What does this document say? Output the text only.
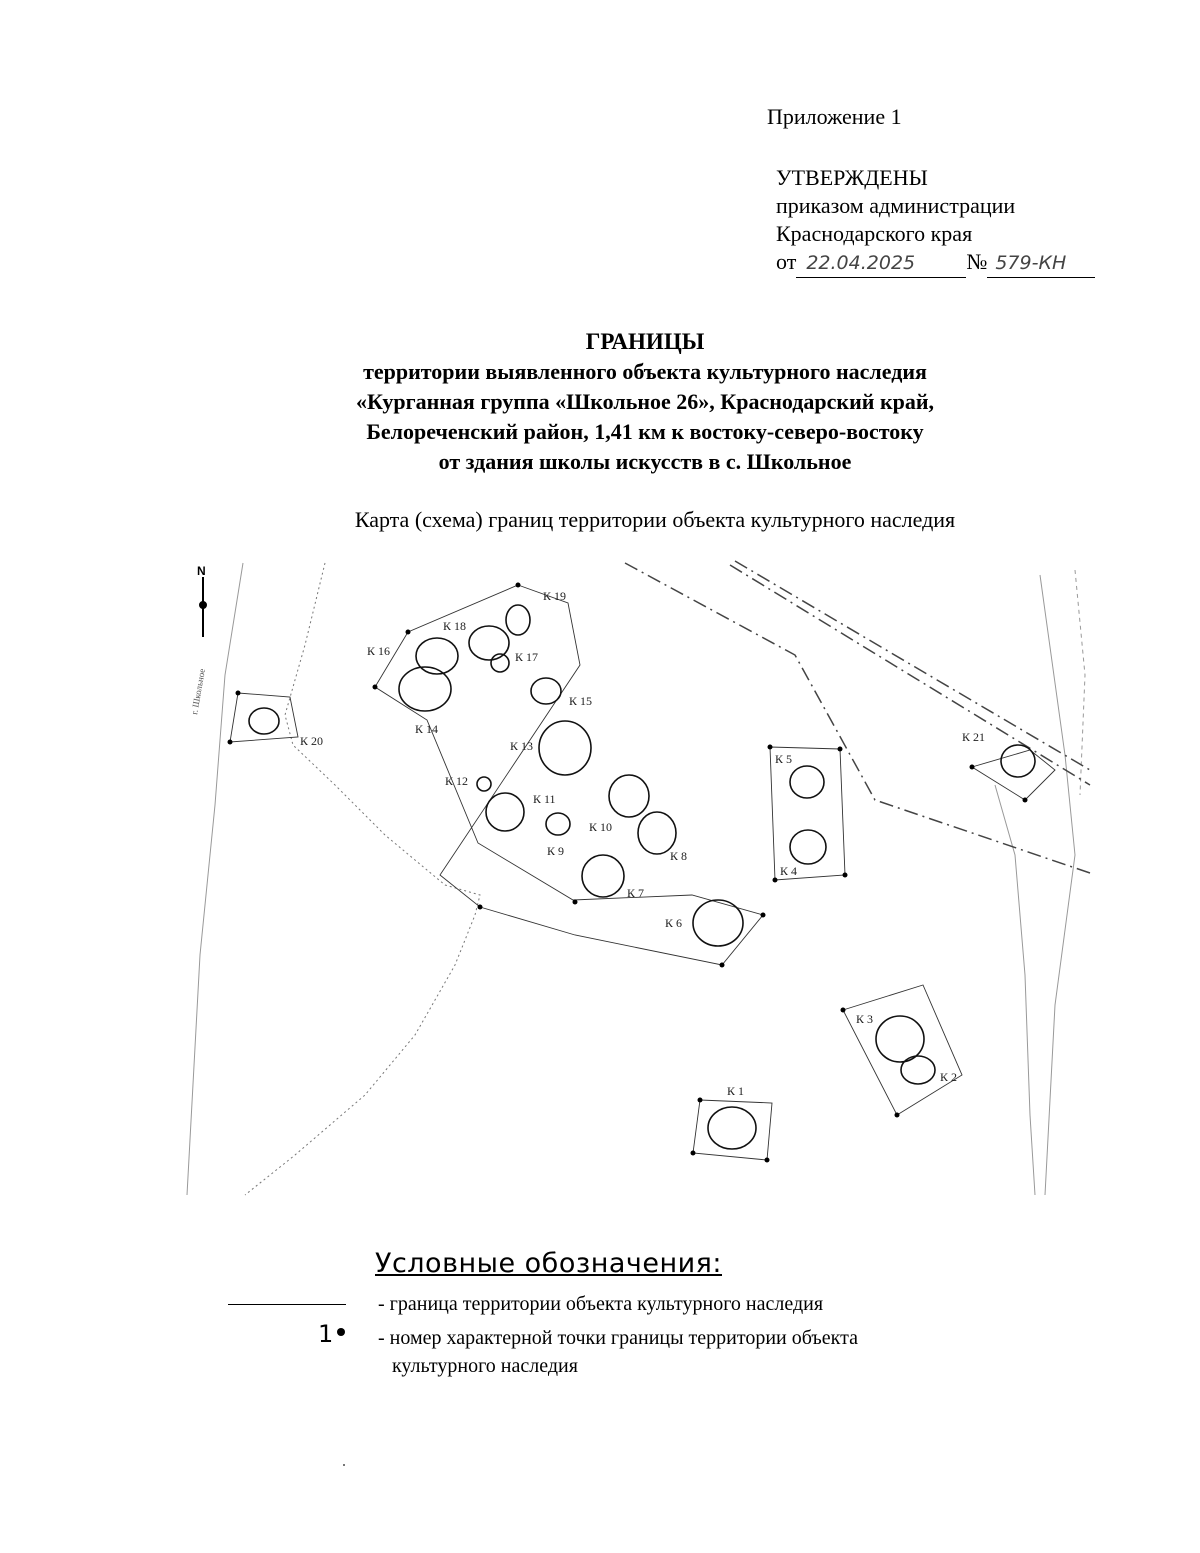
Приложение 1
УТВЕРЖДЕНЫ
приказом администрации
Краснодарского края
от 22.04.2025 № 579-КН
ГРАНИЦЫ
территории выявленного объекта культурного наследия
«Курганная группа «Школьное 26», Краснодарский край,
Белореченский район, 1,41 км к востоку-северо-востоку
от здания школы искусств в с. Школьное
Карта (схема) границ территории объекта культурного наследия
К 1
К 2
К 3
К 4
К 5
К 6
К 7
К 8
К 9
К 10
К 11
К 12
К 13
К 14
К 15
К 16	К 17
К 18
К 19
К 20	К 21
N
г. Школьное
Условные обозначения:
- граница территории объекта культурного наследия
1	- номер характерной точки границы территории объекта
культурного наследия
